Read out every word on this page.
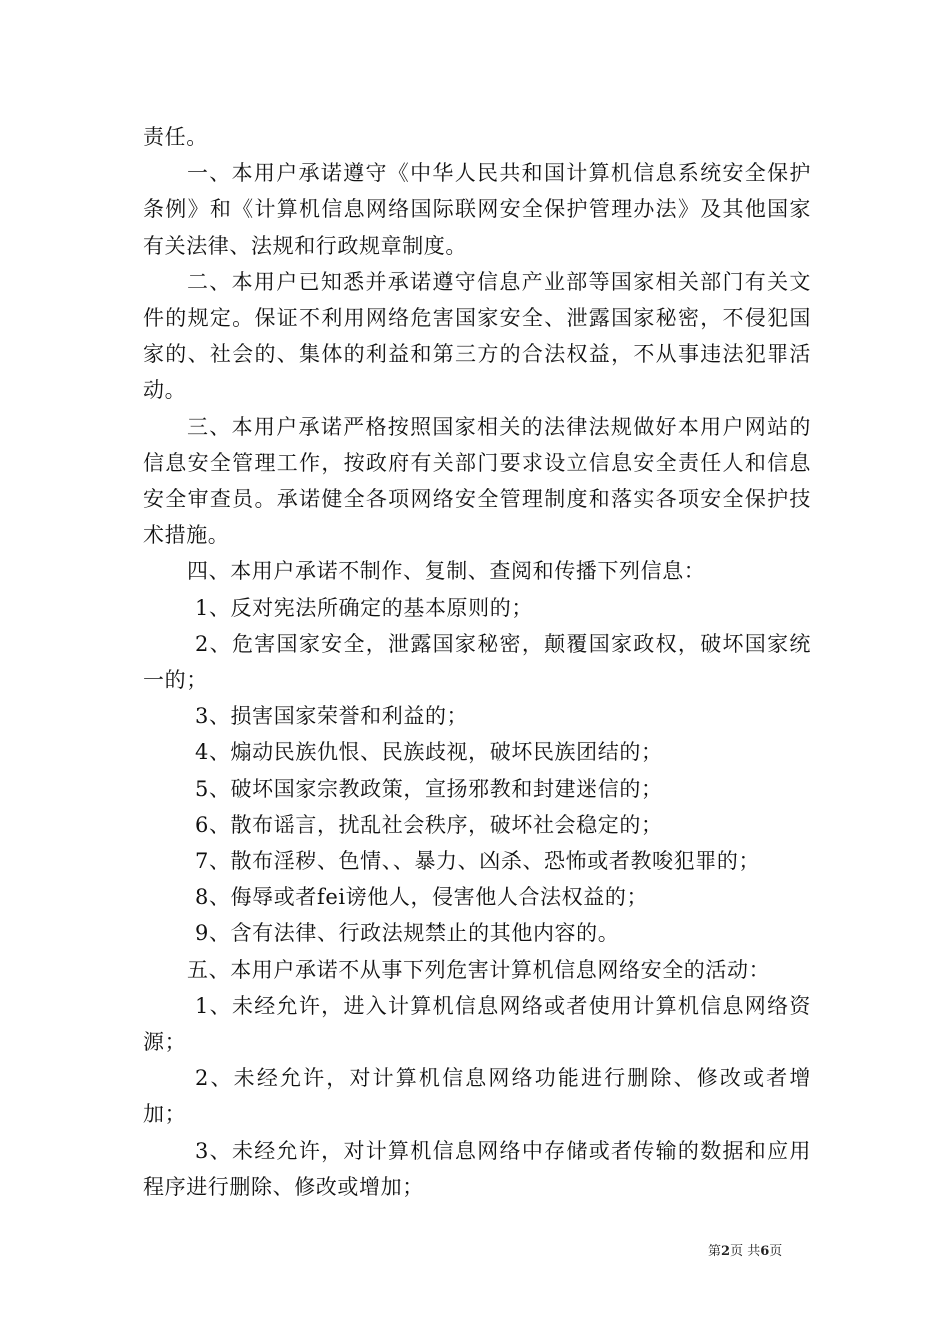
责任。

一、本用户承诺遵守《中华人民共和国计算机信息系统安全保护条例》和《计算机信息网络国际联网安全保护管理办法》及其他国家有关法律、法规和行政规章制度。

二、本用户已知悉并承诺遵守信息产业部等国家相关部门有关文件的规定。保证不利用网络危害国家安全、泄露国家秘密，不侵犯国家的、社会的、集体的利益和第三方的合法权益，不从事违法犯罪活动。

三、本用户承诺严格按照国家相关的法律法规做好本用户网站的信息安全管理工作，按政府有关部门要求设立信息安全责任人和信息安全审查员。承诺健全各项网络安全管理制度和落实各项安全保护技术措施。

四、本用户承诺不制作、复制、查阅和传播下列信息：

1、反对宪法所确定的基本原则的；

2、危害国家安全，泄露国家秘密，颠覆国家政权，破坏国家统一的；

3、损害国家荣誉和利益的；

4、煽动民族仇恨、民族歧视，破坏民族团结的；

5、破坏国家宗教政策，宣扬邪教和封建迷信的；

6、散布谣言，扰乱社会秩序，破坏社会稳定的；

7、散布淫秽、色情、、暴力、凶杀、恐怖或者教唆犯罪的；

8、侮辱或者fei谤他人，侵害他人合法权益的；

9、含有法律、行政法规禁止的其他内容的。

五、本用户承诺不从事下列危害计算机信息网络安全的活动：

1、未经允许，进入计算机信息网络或者使用计算机信息网络资源；

2、未经允许，对计算机信息网络功能进行删除、修改或者增加；

3、未经允许，对计算机信息网络中存储或者传输的数据和应用程序进行删除、修改或增加；

第2页 共6页
